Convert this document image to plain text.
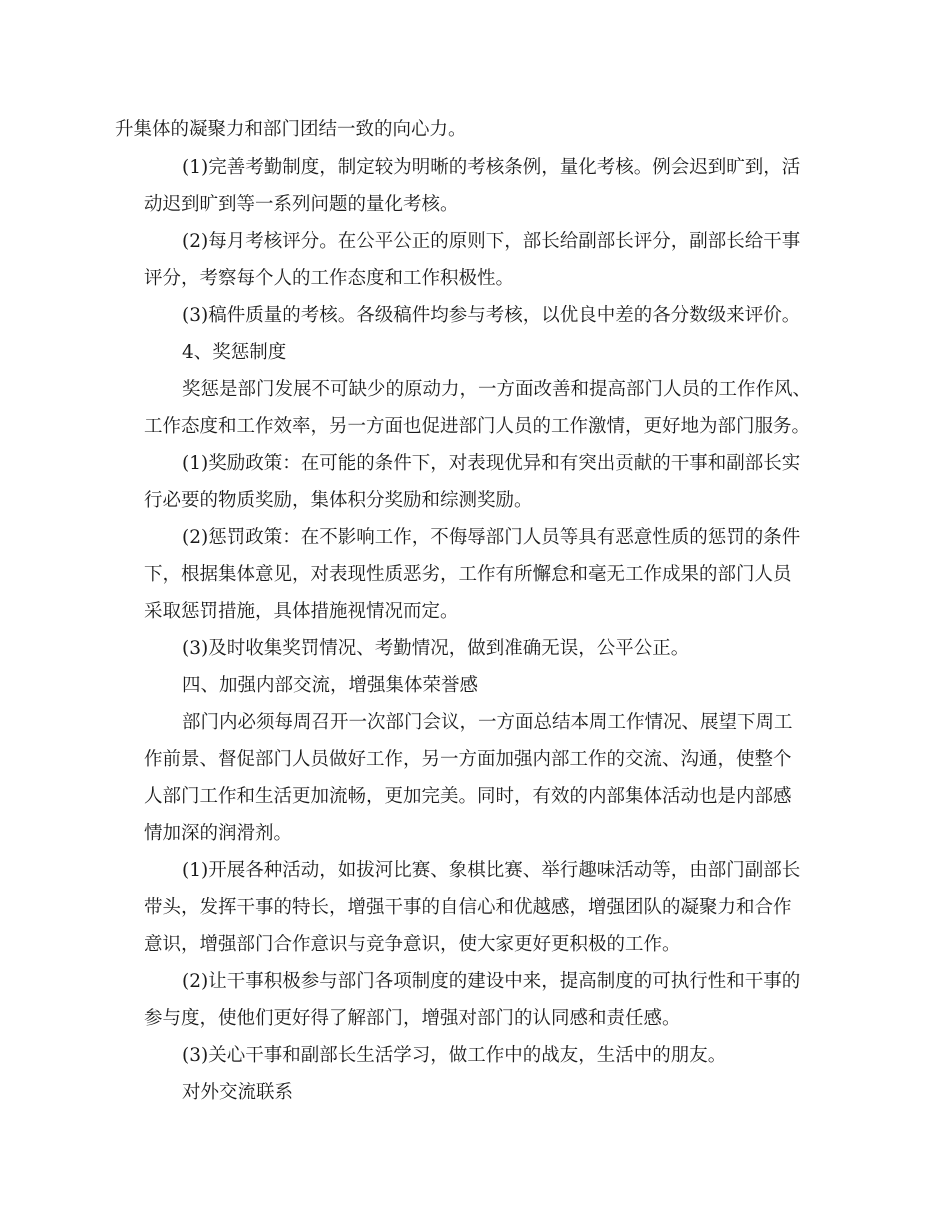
升集体的凝聚力和部门团结一致的向心力。
(1)完善考勤制度，制定较为明晰的考核条例，量化考核。例会迟到旷到，活
动迟到旷到等一系列问题的量化考核。
(2)每月考核评分。在公平公正的原则下，部长给副部长评分，副部长给干事
评分，考察每个人的工作态度和工作积极性。
(3)稿件质量的考核。各级稿件均参与考核，以优良中差的各分数级来评价。
4、奖惩制度
奖惩是部门发展不可缺少的原动力，一方面改善和提高部门人员的工作作风、
工作态度和工作效率，另一方面也促进部门人员的工作激情，更好地为部门服务。
(1)奖励政策：在可能的条件下，对表现优异和有突出贡献的干事和副部长实
行必要的物质奖励，集体积分奖励和综测奖励。
(2)惩罚政策：在不影响工作，不侮辱部门人员等具有恶意性质的惩罚的条件
下，根据集体意见，对表现性质恶劣，工作有所懈怠和毫无工作成果的部门人员
采取惩罚措施，具体措施视情况而定。
(3)及时收集奖罚情况、考勤情况，做到准确无误，公平公正。
四、加强内部交流，增强集体荣誉感
部门内必须每周召开一次部门会议，一方面总结本周工作情况、展望下周工
作前景、督促部门人员做好工作，另一方面加强内部工作的交流、沟通，使整个
人部门工作和生活更加流畅，更加完美。同时，有效的内部集体活动也是内部感
情加深的润滑剂。
(1)开展各种活动，如拔河比赛、象棋比赛、举行趣味活动等，由部门副部长
带头，发挥干事的特长，增强干事的自信心和优越感，增强团队的凝聚力和合作
意识，增强部门合作意识与竞争意识，使大家更好更积极的工作。
(2)让干事积极参与部门各项制度的建设中来，提高制度的可执行性和干事的
参与度，使他们更好得了解部门，增强对部门的认同感和责任感。
(3)关心干事和副部长生活学习，做工作中的战友，生活中的朋友。
对外交流联系
